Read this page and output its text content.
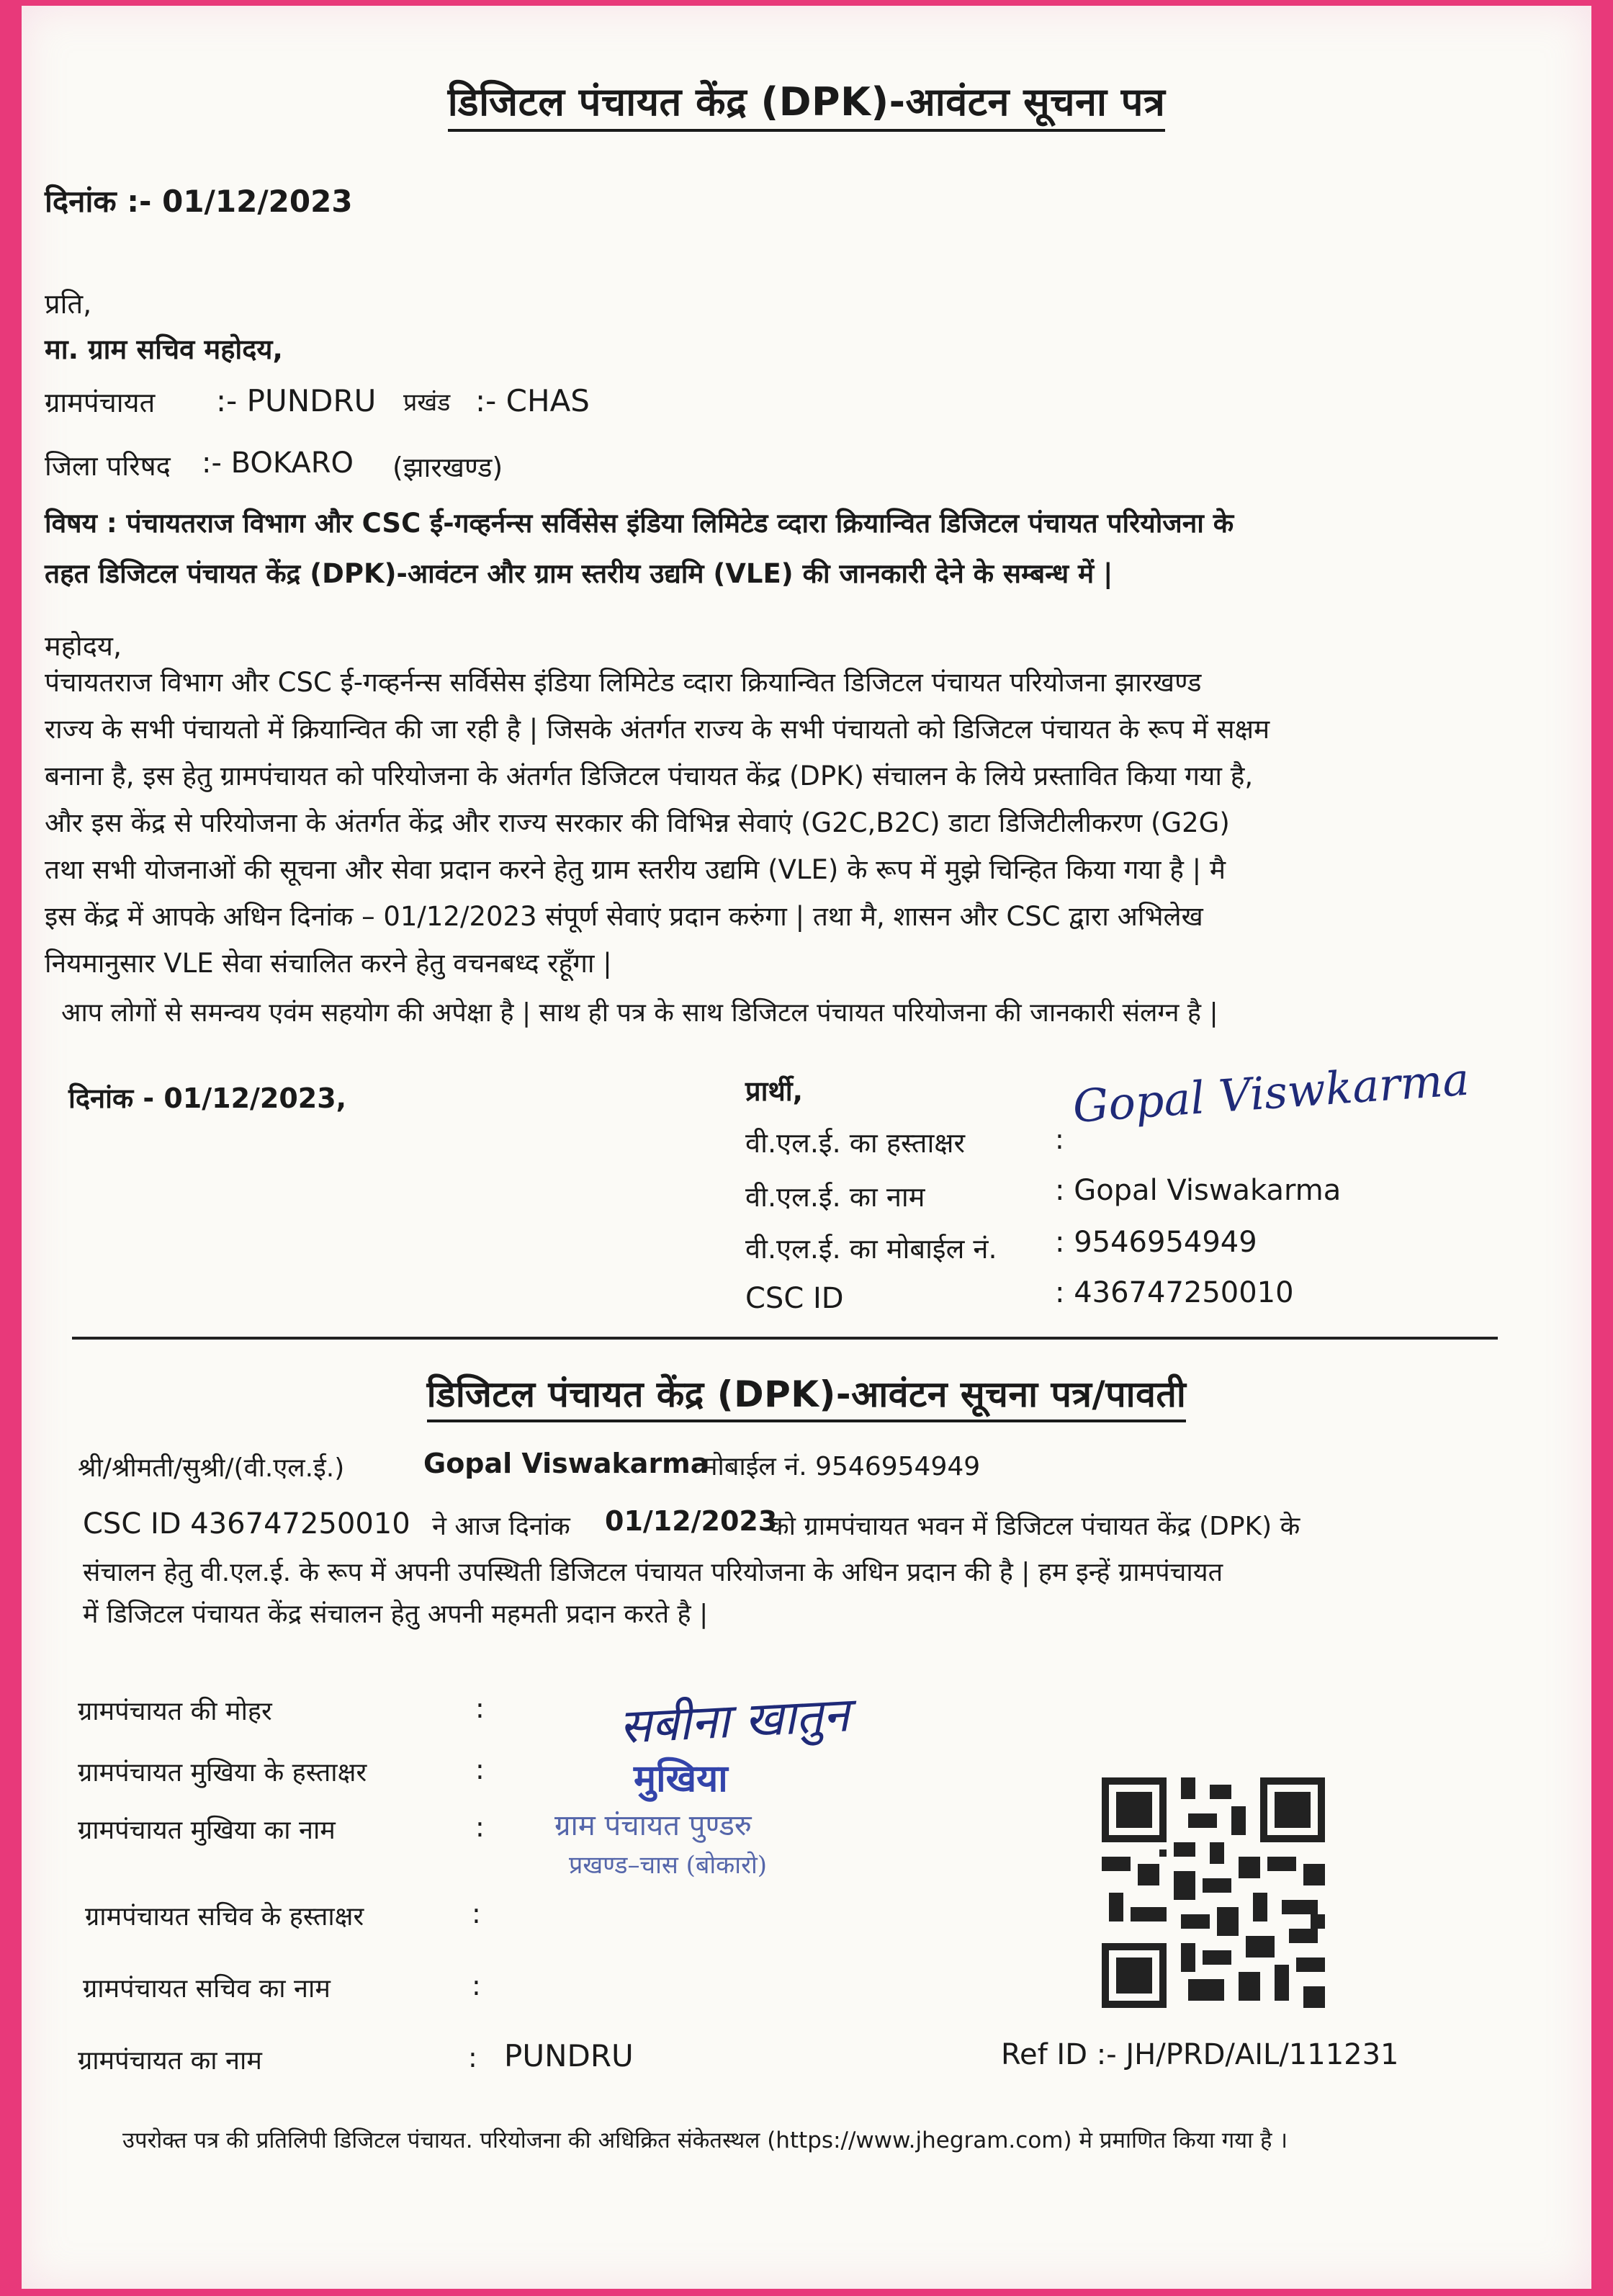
डिजिटल पंचायत केंद्र (DPK)-आवंटन सूचना पत्र
दिनांक :- 01/12/2023
प्रति,
मा. ग्राम सचिव महोदय,
ग्रामपंचायत :- PUNDRU प्रखंड :- CHAS
जिला परिषद :- BOKARO (झारखण्ड)

विषय : पंचायतराज विभाग और CSC ई-गव्हर्नन्स सर्विसेस इंडिया लिमिटेड व्दारा क्रियान्वित डिजिटल पंचायत परियोजना के

तहत डिजिटल पंचायत केंद्र (DPK)-आवंटन और ग्राम स्तरीय उद्यमि (VLE) की जानकारी देने के सम्बन्ध में |

महोदय,

पंचायतराज विभाग और CSC ई-गव्हर्नन्स सर्विसेस इंडिया लिमिटेड व्दारा क्रियान्वित डिजिटल पंचायत परियोजना झारखण्ड

राज्य के सभी पंचायतो में क्रियान्वित की जा रही है | जिसके अंतर्गत राज्य के सभी पंचायतो को डिजिटल पंचायत के रूप में सक्षम

बनाना है, इस हेतु ग्रामपंचायत को परियोजना के अंतर्गत डिजिटल पंचायत केंद्र (DPK) संचालन के लिये प्रस्तावित किया गया है,

और इस केंद्र से परियोजना के अंतर्गत केंद्र और राज्य सरकार की विभिन्न सेवाएं (G2C,B2C) डाटा डिजिटीलीकरण (G2G)

तथा सभी योजनाओं की सूचना और सेवा प्रदान करने हेतु ग्राम स्तरीय उद्यमि (VLE) के रूप में मुझे चिन्हित किया गया है | मै

इस केंद्र में आपके अधिन दिनांक – 01/12/2023 संपूर्ण सेवाएं प्रदान करुंगा | तथा मै, शासन और CSC द्वारा अभिलेख

नियमानुसार VLE सेवा संचालित करने हेतु वचनबध्द रहूँगा |

आप लोगों से समन्वय एवंम सहयोग की अपेक्षा है | साथ ही पत्र के साथ डिजिटल पंचायत परियोजना की जानकारी संलग्न है |
दिनांक - 01/12/2023,	प्रार्थी,
वी.एल.ई. का हस्ताक्षर	:
Gopal Viswkarma
वी.एल.ई. का नाम	: Gopal Viswakarma
वी.एल.ई. का मोबाईल नं. : 9546954949
CSC ID	: 436747250010
डिजिटल पंचायत केंद्र (DPK)-आवंटन सूचना पत्र/पावती
श्री/श्रीमती/सुश्री/(वी.एल.ई.)	Gopal Viswakarma
मोबाईल नं. 9546954949
CSC ID 436747250010 ने आज दिनांक 01/12/2023
को ग्रामपंचायत भवन में डिजिटल पंचायत केंद्र (DPK) के
संचालन हेतु वी.एल.ई. के रूप में अपनी उपस्थिती डिजिटल पंचायत परियोजना के अधिन प्रदान की है | हम इन्हें ग्रामपंचायत
में डिजिटल पंचायत केंद्र संचालन हेतु अपनी महमती प्रदान करते है |
ग्रामपंचायत की मोहर	:
ग्रामपंचायत मुखिया के हस्ताक्षर	:
ग्रामपंचायत मुखिया का नाम	:
ग्रामपंचायत सचिव के हस्ताक्षर	:
ग्रामपंचायत सचिव का नाम	:
ग्रामपंचायत का नाम	: PUNDRU
सबीना खातुन
मुखिया
ग्राम पंचायत पुण्डरु
प्रखण्ड–चास (बोकारो)
Ref ID :- JH/PRD/AIL/111231
उपरोक्त पत्र की प्रतिलिपी डिजिटल पंचायत. परियोजना की अधिक्रित संकेतस्थल (https://www.jhegram.com) मे प्रमाणित किया गया है ।
